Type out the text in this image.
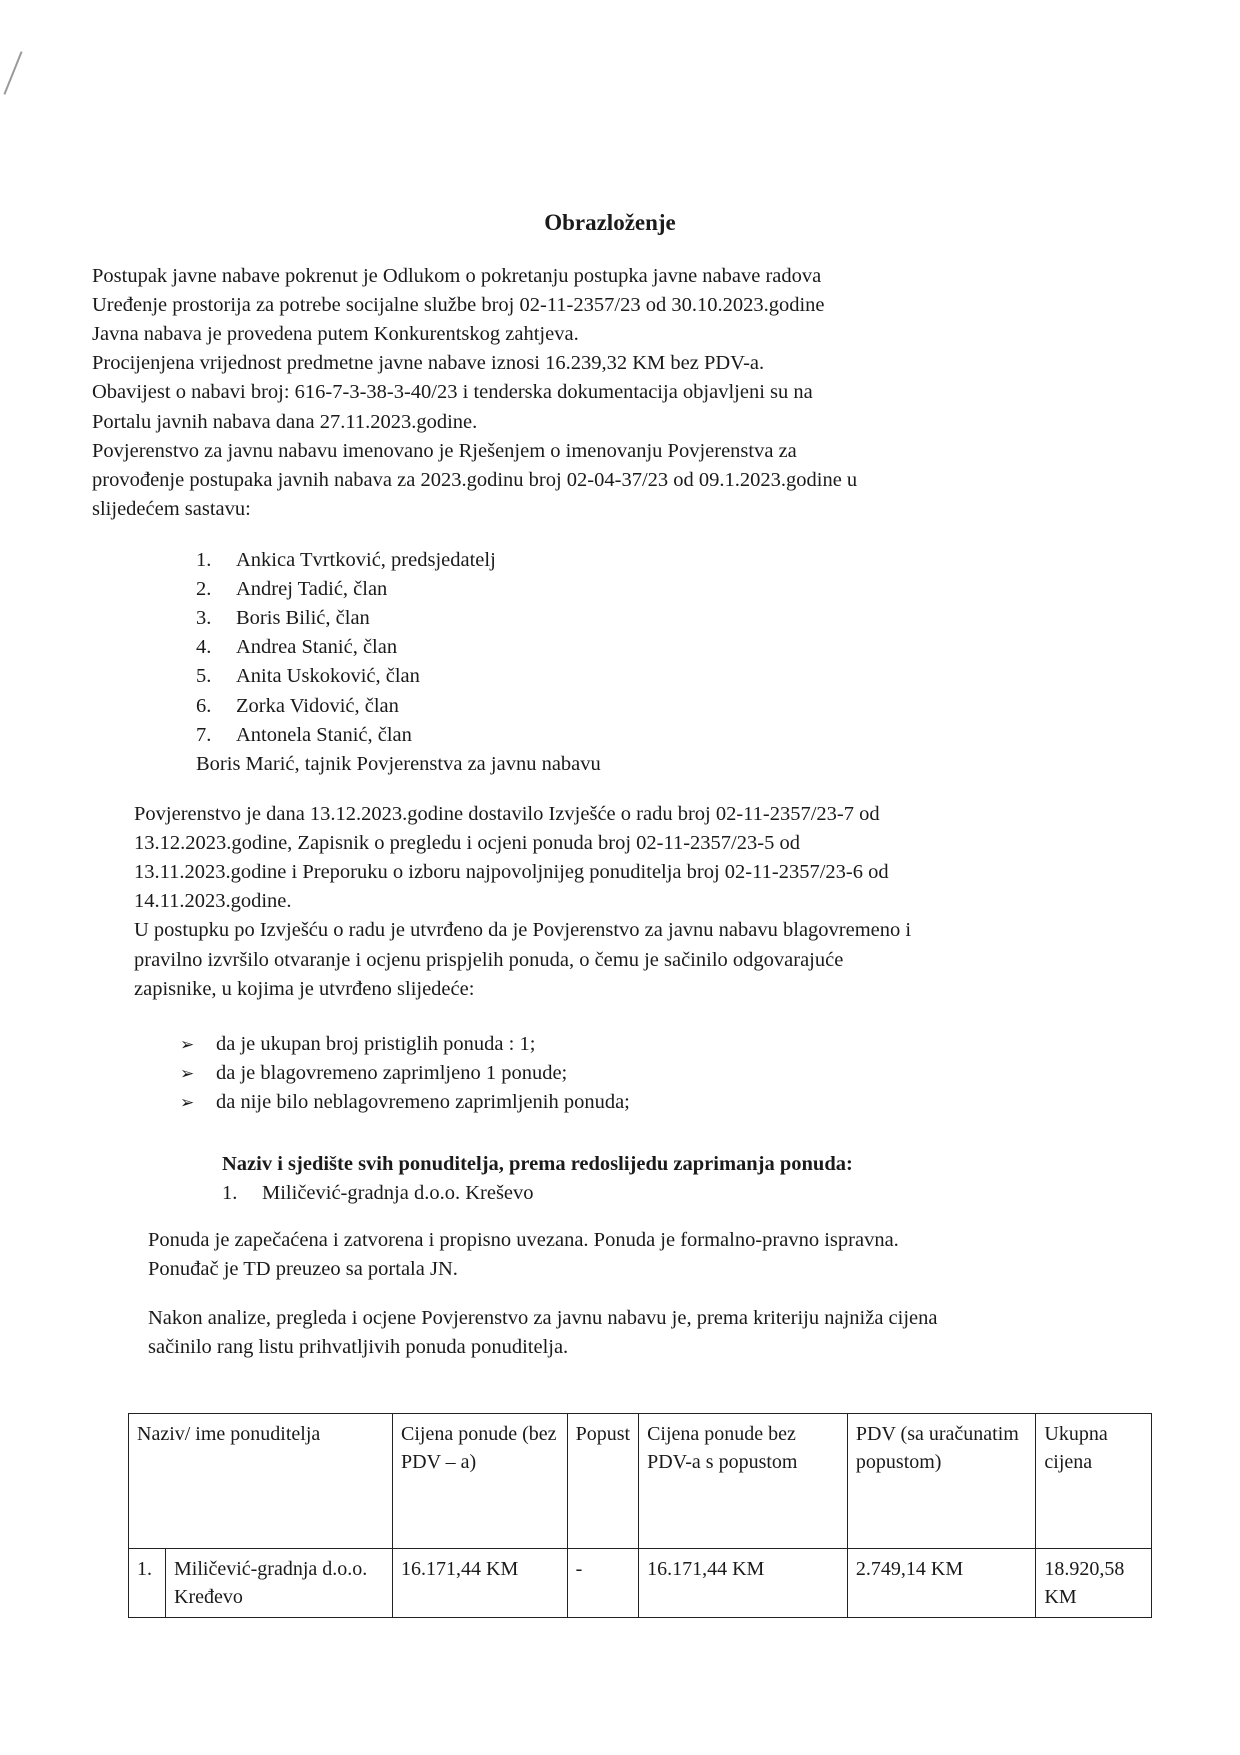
Obrazloženje
Postupak javne nabave pokrenut je Odlukom o pokretanju postupka javne nabave radova
Uređenje prostorija za potrebe socijalne službe broj 02-11-2357/23 od 30.10.2023.godine
Javna nabava je provedena putem Konkurentskog zahtjeva.
Procijenjena vrijednost predmetne javne nabave iznosi 16.239,32 KM bez PDV-a.
Obavijest o nabavi broj: 616-7-3-38-3-40/23 i tenderska dokumentacija objavljeni su na
Portalu javnih nabava dana 27.11.2023.godine.
Povjerenstvo za javnu nabavu imenovano je Rješenjem o imenovanju Povjerenstva za
provođenje postupaka javnih nabava za 2023.godinu broj 02-04-37/23 od 09.1.2023.godine u
slijedećem sastavu:
1.	Ankica Tvrtković, predsjedatelj
2.	Andrej Tadić, član
3.	Boris Bilić, član
4.	Andrea Stanić, član
5.	Anita Uskoković, član
6.	Zorka Vidović, član
7.	Antonela Stanić, član
Boris Marić, tajnik Povjerenstva za javnu nabavu
Povjerenstvo je dana 13.12.2023.godine dostavilo Izvješće o radu broj 02-11-2357/23-7 od
13.12.2023.godine, Zapisnik o pregledu i ocjeni ponuda broj 02-11-2357/23-5 od
13.11.2023.godine i Preporuku o izboru najpovoljnijeg ponuditelja broj 02-11-2357/23-6 od
14.11.2023.godine.
U postupku po Izvješću o radu je utvrđeno da je Povjerenstvo za javnu nabavu blagovremeno i
pravilno izvršilo otvaranje i ocjenu prispjelih ponuda, o čemu je sačinilo odgovarajuće
zapisnike, u kojima je utvrđeno slijedeće:
➢	da je ukupan broj pristiglih ponuda : 1;
➢	da je blagovremeno zaprimljeno 1 ponude;
➢	da nije bilo neblagovremeno zaprimljenih ponuda;
Naziv i sjedište svih ponuditelja, prema redoslijedu zaprimanja ponuda:
1.	Miličević-gradnja d.o.o. Kreševo
Ponuda je zapečaćena i zatvorena i propisno uvezana. Ponuda je formalno-pravno ispravna.
Ponuđač je TD preuzeo sa portala JN.
Nakon analize, pregleda i ocjene Povjerenstvo za javnu nabavu je, prema kriteriju najniža cijena
sačinilo rang listu prihvatljivih ponuda ponuditelja.
Naziv/ ime ponuditelja		Cijena ponude (bez PDV – a)	Popust	Cijena ponude bez PDV-a s popustom	PDV (sa uračunatim popustom)	Ukupna cijena
1.	Miličević-gradnja d.o.o. Kređevo	16.171,44 KM	-	16.171,44 KM	2.749,14 KM	18.920,58 KM
